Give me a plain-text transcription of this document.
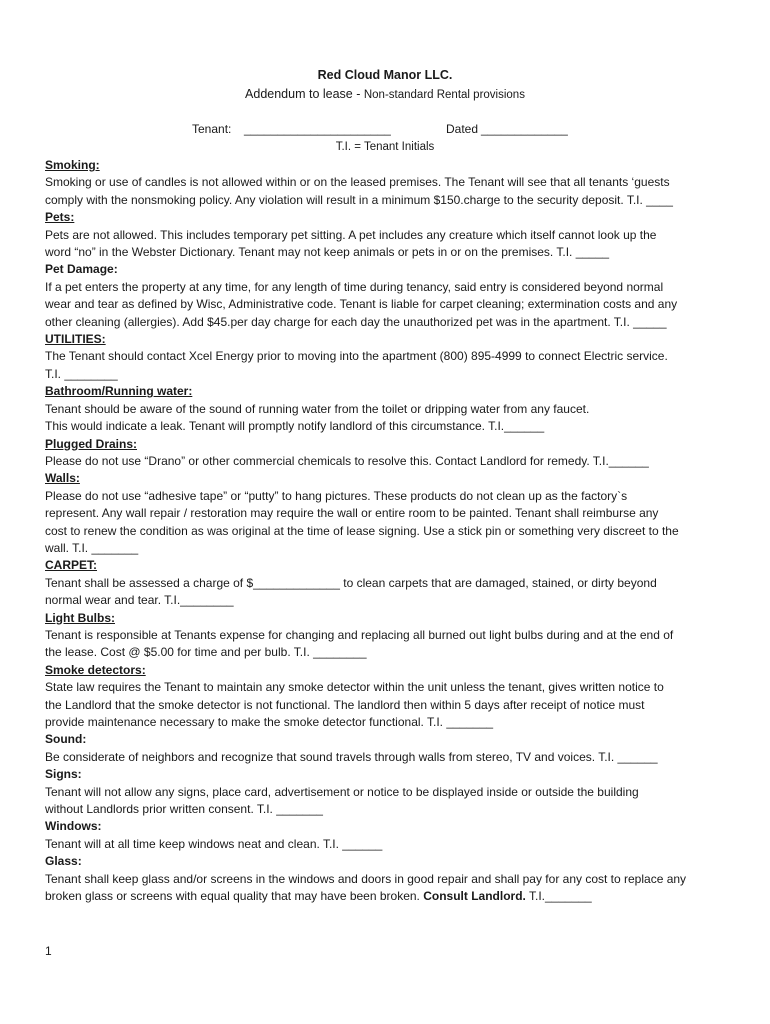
Red Cloud Manor LLC.
Addendum to lease - Non-standard Rental provisions
Tenant: ______________________	Dated _____________
T.I. = Tenant Initials
Smoking:

Smoking or use of candles is not allowed within or on the leased premises. The Tenant will see that all tenants ‘guests

comply with the nonsmoking policy. Any violation will result in a minimum $150.charge to the security deposit. T.I. ____

Pets:

Pets are not allowed. This includes temporary pet sitting. A pet includes any creature which itself cannot look up the

word “no” in the Webster Dictionary. Tenant may not keep animals or pets in or on the premises. T.I. _____

Pet Damage:

If a pet enters the property at any time, for any length of time during tenancy, said entry is considered beyond normal

wear and tear as defined by Wisc, Administrative code. Tenant is liable for carpet cleaning; extermination costs and any

other cleaning (allergies). Add $45.per day charge for each day the unauthorized pet was in the apartment. T.I. _____

UTILITIES:

The Tenant should contact Xcel Energy prior to moving into the apartment (800) 895-4999 to connect Electric service.

T.I. ________

Bathroom/Running water:

Tenant should be aware of the sound of running water from the toilet or dripping water from any faucet.

This would indicate a leak. Tenant will promptly notify landlord of this circumstance. T.I.______

Plugged Drains:

Please do not use “Drano” or other commercial chemicals to resolve this. Contact Landlord for remedy. T.I.______

Walls:

Please do not use “adhesive tape” or “putty” to hang pictures. These products do not clean up as the factory`s

represent. Any wall repair / restoration may require the wall or entire room to be painted. Tenant shall reimburse any

cost to renew the condition as was original at the time of lease signing. Use a stick pin or something very discreet to the

wall. T.I. _______

CARPET:

Tenant shall be assessed a charge of $_____________ to clean carpets that are damaged, stained, or dirty beyond

normal wear and tear. T.I.________

Light Bulbs:

Tenant is responsible at Tenants expense for changing and replacing all burned out light bulbs during and at the end of

the lease. Cost @ $5.00 for time and per bulb. T.I. ________

Smoke detectors:

State law requires the Tenant to maintain any smoke detector within the unit unless the tenant, gives written notice to

the Landlord that the smoke detector is not functional. The landlord then within 5 days after receipt of notice must

provide maintenance necessary to make the smoke detector functional. T.I. _______

Sound:

Be considerate of neighbors and recognize that sound travels through walls from stereo, TV and voices. T.I. ______

Signs:

Tenant will not allow any signs, place card, advertisement or notice to be displayed inside or outside the building

without Landlords prior written consent. T.I. _______

Windows:

Tenant will at all time keep windows neat and clean. T.I. ______

Glass:

Tenant shall keep glass and/or screens in the windows and doors in good repair and shall pay for any cost to replace any

broken glass or screens with equal quality that may have been broken. Consult Landlord. T.I._______

1
